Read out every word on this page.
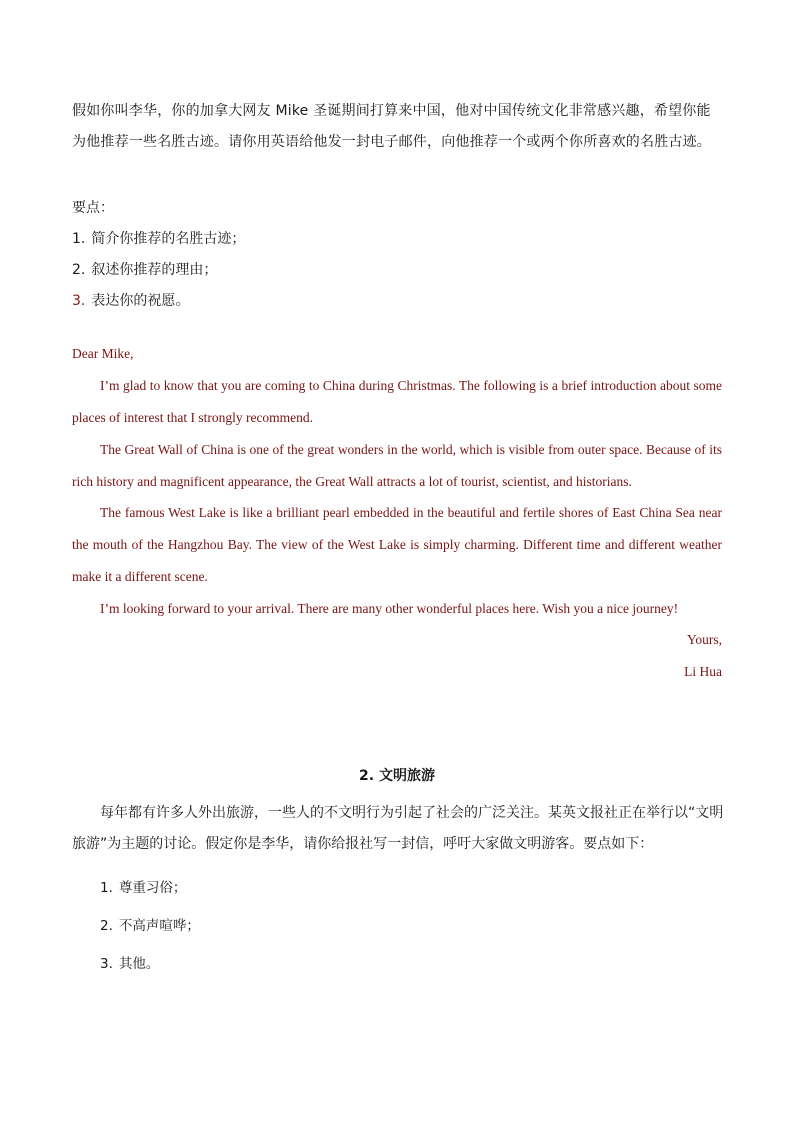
假如你叫李华，你的加拿大网友 Mike 圣诞期间打算来中国，他对中国传统文化非常感兴趣，希望你能为他推荐一些名胜古迹。请你用英语给他发一封电子邮件，向他推荐一个或两个你所喜欢的名胜古迹。
要点：
1. 简介你推荐的名胜古迹；
2. 叙述你推荐的理由；
3. 表达你的祝愿。
Dear Mike,
I’m glad to know that you are coming to China during Christmas. The following is a brief introduction about some places of interest that I strongly recommend.
The Great Wall of China is one of the great wonders in the world, which is visible from outer space. Because of its rich history and magnificent appearance, the Great Wall attracts a lot of tourist, scientist, and historians.
The famous West Lake is like a brilliant pearl embedded in the beautiful and fertile shores of East China Sea near the mouth of the Hangzhou Bay. The view of the West Lake is simply charming. Different time and different weather make it a different scene.
I’m looking forward to your arrival. There are many other wonderful places here. Wish you a nice journey!
Yours,
Li Hua
2. 文明旅游
每年都有许多人外出旅游，一些人的不文明行为引起了社会的广泛关注。某英文报社正在举行以“文明旅游”为主题的讨论。假定你是李华，请你给报社写一封信，呼吁大家做文明游客。要点如下：
1. 尊重习俗；
2. 不高声喧哗；
3. 其他。
